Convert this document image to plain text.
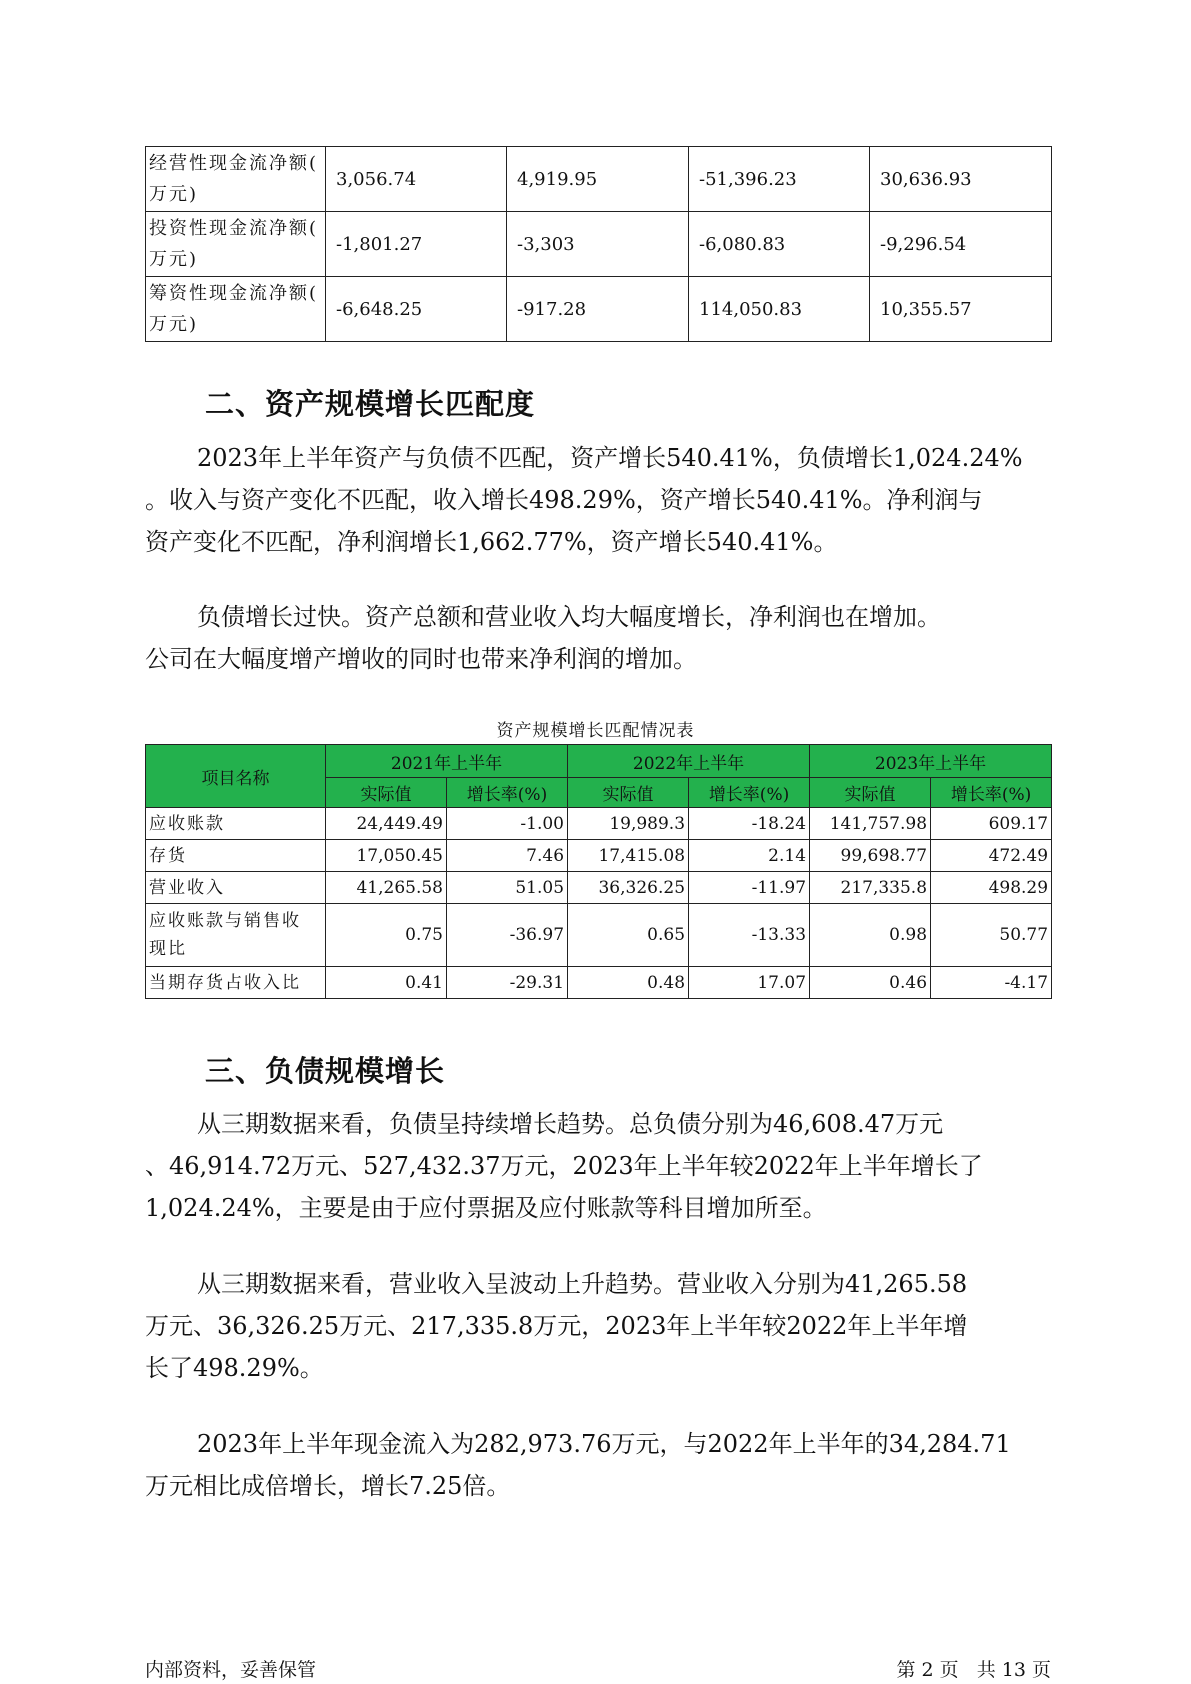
经营性现金流净额(
万元)	3,056.74	4,919.95	-51,396.23	30,636.93

投资性现金流净额(
万元)	-1,801.27	-3,303	-6,080.83	-9,296.54

筹资性现金流净额(
万元)	-6,648.25	-917.28	114,050.83	10,355.57
二、资产规模增长匹配度
2023年上半年资产与负债不匹配，资产增长540.41%，负债增长1,024.24%
。收入与资产变化不匹配，收入增长498.29%，资产增长540.41%。净利润与
资产变化不匹配，净利润增长1,662.77%，资产增长540.41%。
负债增长过快。资产总额和营业收入均大幅度增长，净利润也在增加。
公司在大幅度增产增收的同时也带来净利润的增加。
资产规模增长匹配情况表
项目名称	2021年上半年		2022年上半年		2023年上半年	
	实际值	增长率(%)	实际值	增长率(%)	实际值	增长率(%)
应收账款	24,449.49	-1.00	19,989.3	-18.24	141,757.98	609.17
存货	17,050.45	7.46	17,415.08	2.14	99,698.77	472.49
营业收入	41,265.58	51.05	36,326.25	-11.97	217,335.8	498.29

应收账款与销售收
现比	0.75	-36.97	0.65	-13.33	0.98	50.77
当期存货占收入比	0.41	-29.31	0.48	17.07	0.46	-4.17
三、负债规模增长
从三期数据来看，负债呈持续增长趋势。总负债分别为46,608.47万元
、46,914.72万元、527,432.37万元，2023年上半年较2022年上半年增长了
1,024.24%，主要是由于应付票据及应付账款等科目增加所至。
从三期数据来看，营业收入呈波动上升趋势。营业收入分别为41,265.58
万元、36,326.25万元、217,335.8万元，2023年上半年较2022年上半年增
长了498.29%。
2023年上半年现金流入为282,973.76万元，与2022年上半年的34,284.71
万元相比成倍增长，增长7.25倍。
内部资料，妥善保管	第 2 页   共 13 页
